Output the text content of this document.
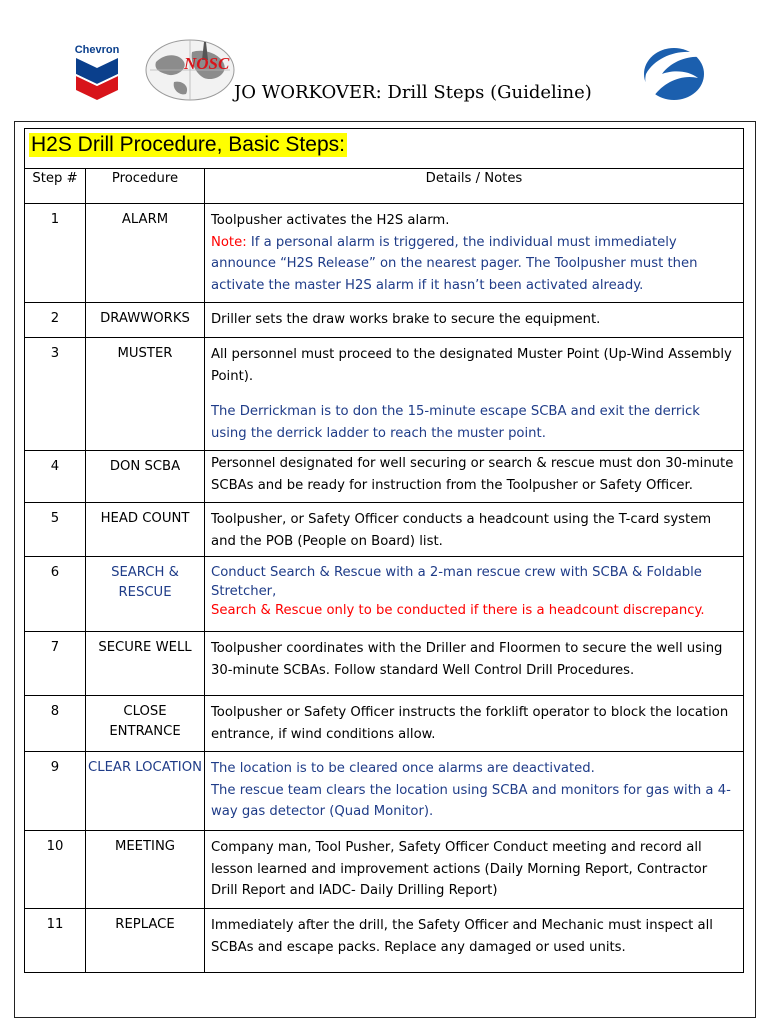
Chevron
NOSC
JO WORKOVER: Drill Steps (Guideline)
H2S Drill Procedure, Basic Steps:		
Step #	Procedure	Details / Notes
1	ALARM	Toolpusher activates the H2S alarm.

Note: If a personal alarm is triggered, the individual must immediately announce “H2S Release” on the nearest pager. The Toolpusher must then activate the master H2S alarm if it hasn’t been activated already.

2	DRAWWORKS	Driller sets the draw works brake to secure the equipment.

3	MUSTER	All personnel must proceed to the designated Muster Point (Up-Wind Assembly Point).

The Derrickman is to don the 15-minute escape SCBA and exit the derrick using the derrick ladder to reach the muster point.

4	DON SCBA	Personnel designated for well securing or search & rescue must don 30-minute SCBAs and be ready for instruction from the Toolpusher or Safety Officer.

5	HEAD COUNT	Toolpusher, or Safety Officer conducts a headcount using the T-card system and the POB (People on Board) list.

6	SEARCH & RESCUE	Conduct Search & Rescue with a 2-man rescue crew with SCBA & Foldable Stretcher,

Search & Rescue only to be conducted if there is a headcount discrepancy.

7	SECURE WELL	Toolpusher coordinates with the Driller and Floormen to secure the well using 30-minute SCBAs. Follow standard Well Control Drill Procedures.

8	CLOSE ENTRANCE	Toolpusher or Safety Officer instructs the forklift operator to block the location entrance, if wind conditions allow.

9	CLEAR LOCATION	The location is to be cleared once alarms are deactivated.

The rescue team clears the location using SCBA and monitors for gas with a 4-way gas detector (Quad Monitor).

10	MEETING	Company man, Tool Pusher, Safety Officer Conduct meeting and record all lesson learned and improvement actions (Daily Morning Report, Contractor Drill Report and IADC- Daily Drilling Report)

11	REPLACE	Immediately after the drill, the Safety Officer and Mechanic must inspect all SCBAs and escape packs. Replace any damaged or used units.
